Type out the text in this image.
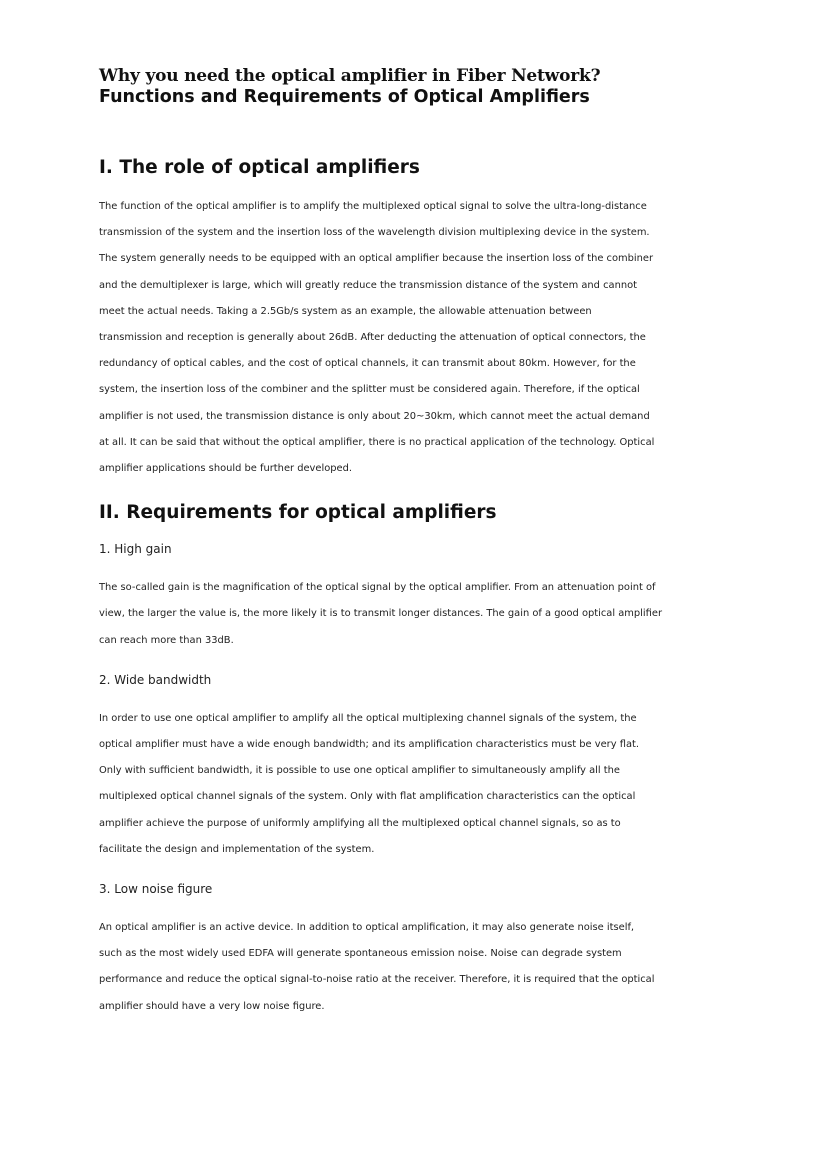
Why you need the optical amplifier in Fiber Network?
Functions and Requirements of Optical Amplifiers
I. The role of optical amplifiers

The function of the optical amplifier is to amplify the multiplexed optical signal to solve the ultra-long-distance
transmission of the system and the insertion loss of the wavelength division multiplexing device in the system.
The system generally needs to be equipped with an optical amplifier because the insertion loss of the combiner
and the demultiplexer is large, which will greatly reduce the transmission distance of the system and cannot
meet the actual needs. Taking a 2.5Gb/s system as an example, the allowable attenuation between
transmission and reception is generally about 26dB. After deducting the attenuation of optical connectors, the
redundancy of optical cables, and the cost of optical channels, it can transmit about 80km. However, for the
system, the insertion loss of the combiner and the splitter must be considered again. Therefore, if the optical
amplifier is not used, the transmission distance is only about 20~30km, which cannot meet the actual demand
at all. It can be said that without the optical amplifier, there is no practical application of the technology. Optical
amplifier applications should be further developed.

II. Requirements for optical amplifiers

1. High gain

The so-called gain is the magnification of the optical signal by the optical amplifier. From an attenuation point of
view, the larger the value is, the more likely it is to transmit longer distances. The gain of a good optical amplifier
can reach more than 33dB.

2. Wide bandwidth

In order to use one optical amplifier to amplify all the optical multiplexing channel signals of the system, the
optical amplifier must have a wide enough bandwidth; and its amplification characteristics must be very flat.
Only with sufficient bandwidth, it is possible to use one optical amplifier to simultaneously amplify all the
multiplexed optical channel signals of the system. Only with flat amplification characteristics can the optical
amplifier achieve the purpose of uniformly amplifying all the multiplexed optical channel signals, so as to
facilitate the design and implementation of the system.

3. Low noise figure

An optical amplifier is an active device. In addition to optical amplification, it may also generate noise itself,
such as the most widely used EDFA will generate spontaneous emission noise. Noise can degrade system
performance and reduce the optical signal-to-noise ratio at the receiver. Therefore, it is required that the optical
amplifier should have a very low noise figure.
